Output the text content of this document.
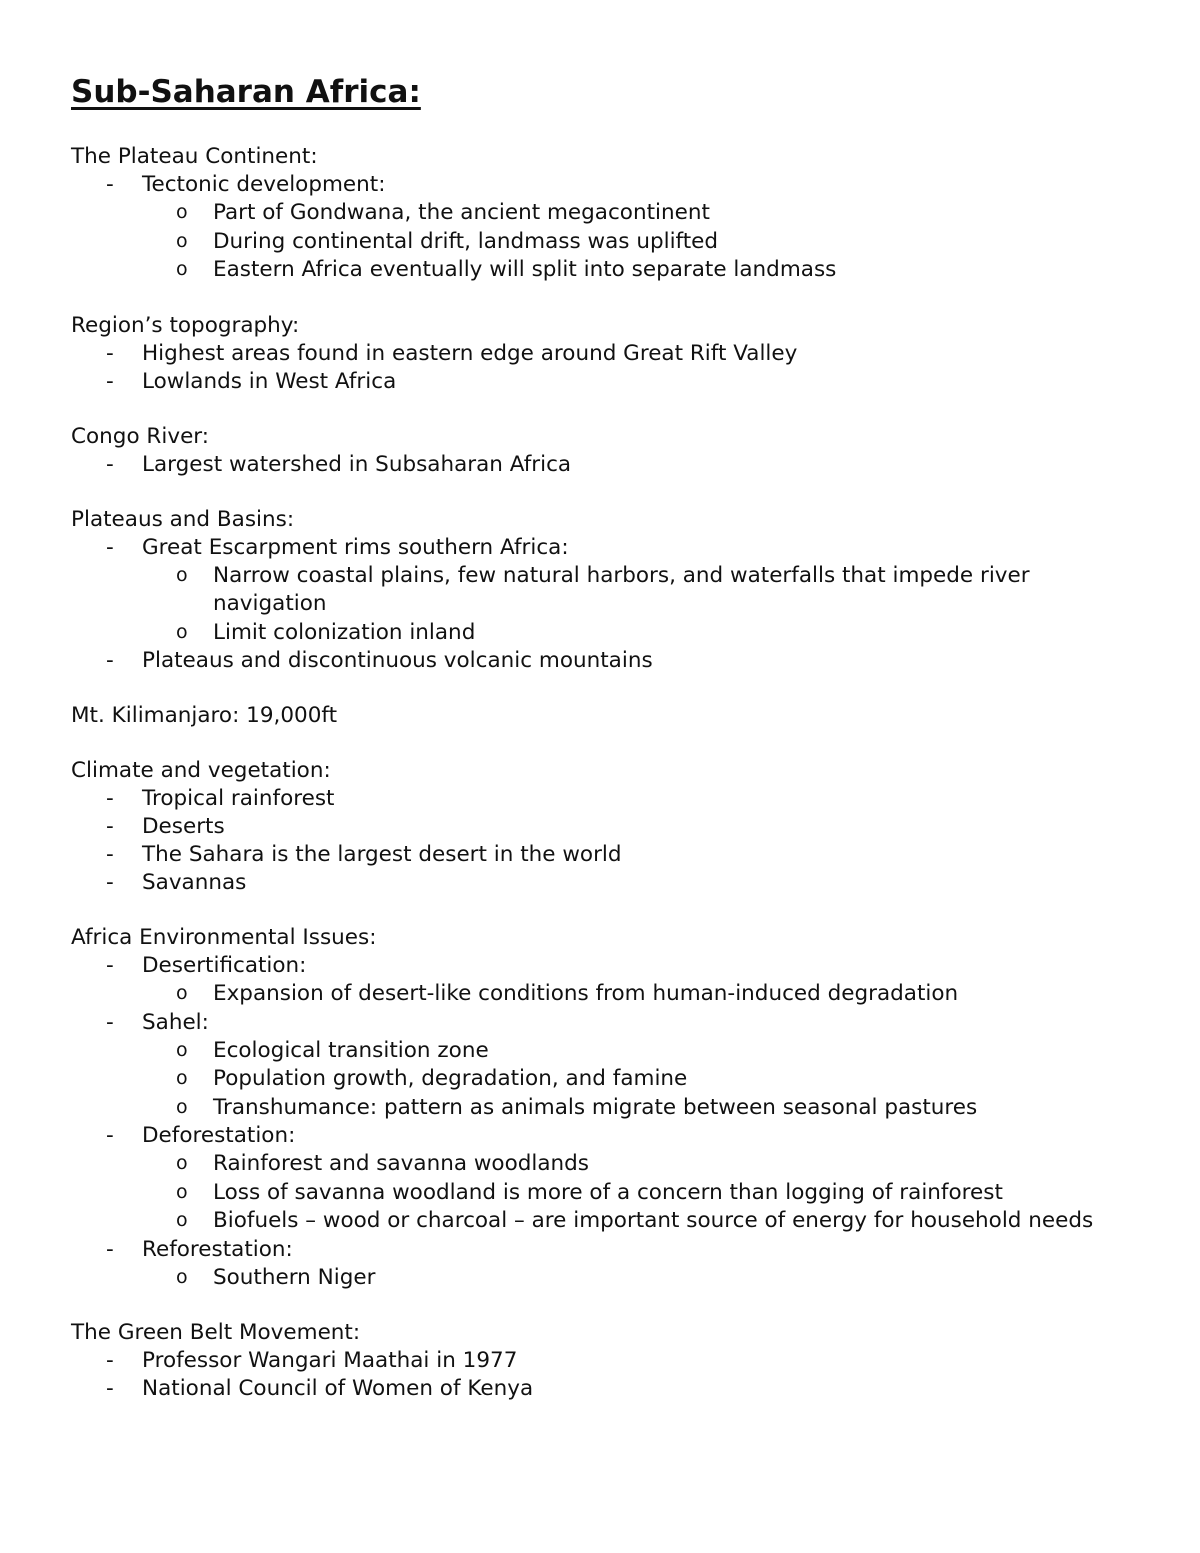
Sub-Saharan Africa:
The Plateau Continent:
- Tectonic development:
o Part of Gondwana, the ancient megacontinent
o During continental drift, landmass was uplifted
o Eastern Africa eventually will split into separate landmass
Region’s topography:
- Highest areas found in eastern edge around Great Rift Valley
- Lowlands in West Africa
Congo River:
- Largest watershed in Subsaharan Africa
Plateaus and Basins:
- Great Escarpment rims southern Africa:
o Narrow coastal plains, few natural harbors, and waterfalls that impede river navigation
o Limit colonization inland
- Plateaus and discontinuous volcanic mountains
Mt. Kilimanjaro: 19,000ft
Climate and vegetation:
- Tropical rainforest
- Deserts
- The Sahara is the largest desert in the world
- Savannas
Africa Environmental Issues:
- Desertification:
o Expansion of desert-like conditions from human-induced degradation
- Sahel:
o Ecological transition zone
o Population growth, degradation, and famine
o Transhumance: pattern as animals migrate between seasonal pastures
- Deforestation:
o Rainforest and savanna woodlands
o Loss of savanna woodland is more of a concern than logging of rainforest
o Biofuels – wood or charcoal – are important source of energy for household needs
- Reforestation:
o Southern Niger
The Green Belt Movement:
- Professor Wangari Maathai in 1977
- National Council of Women of Kenya
